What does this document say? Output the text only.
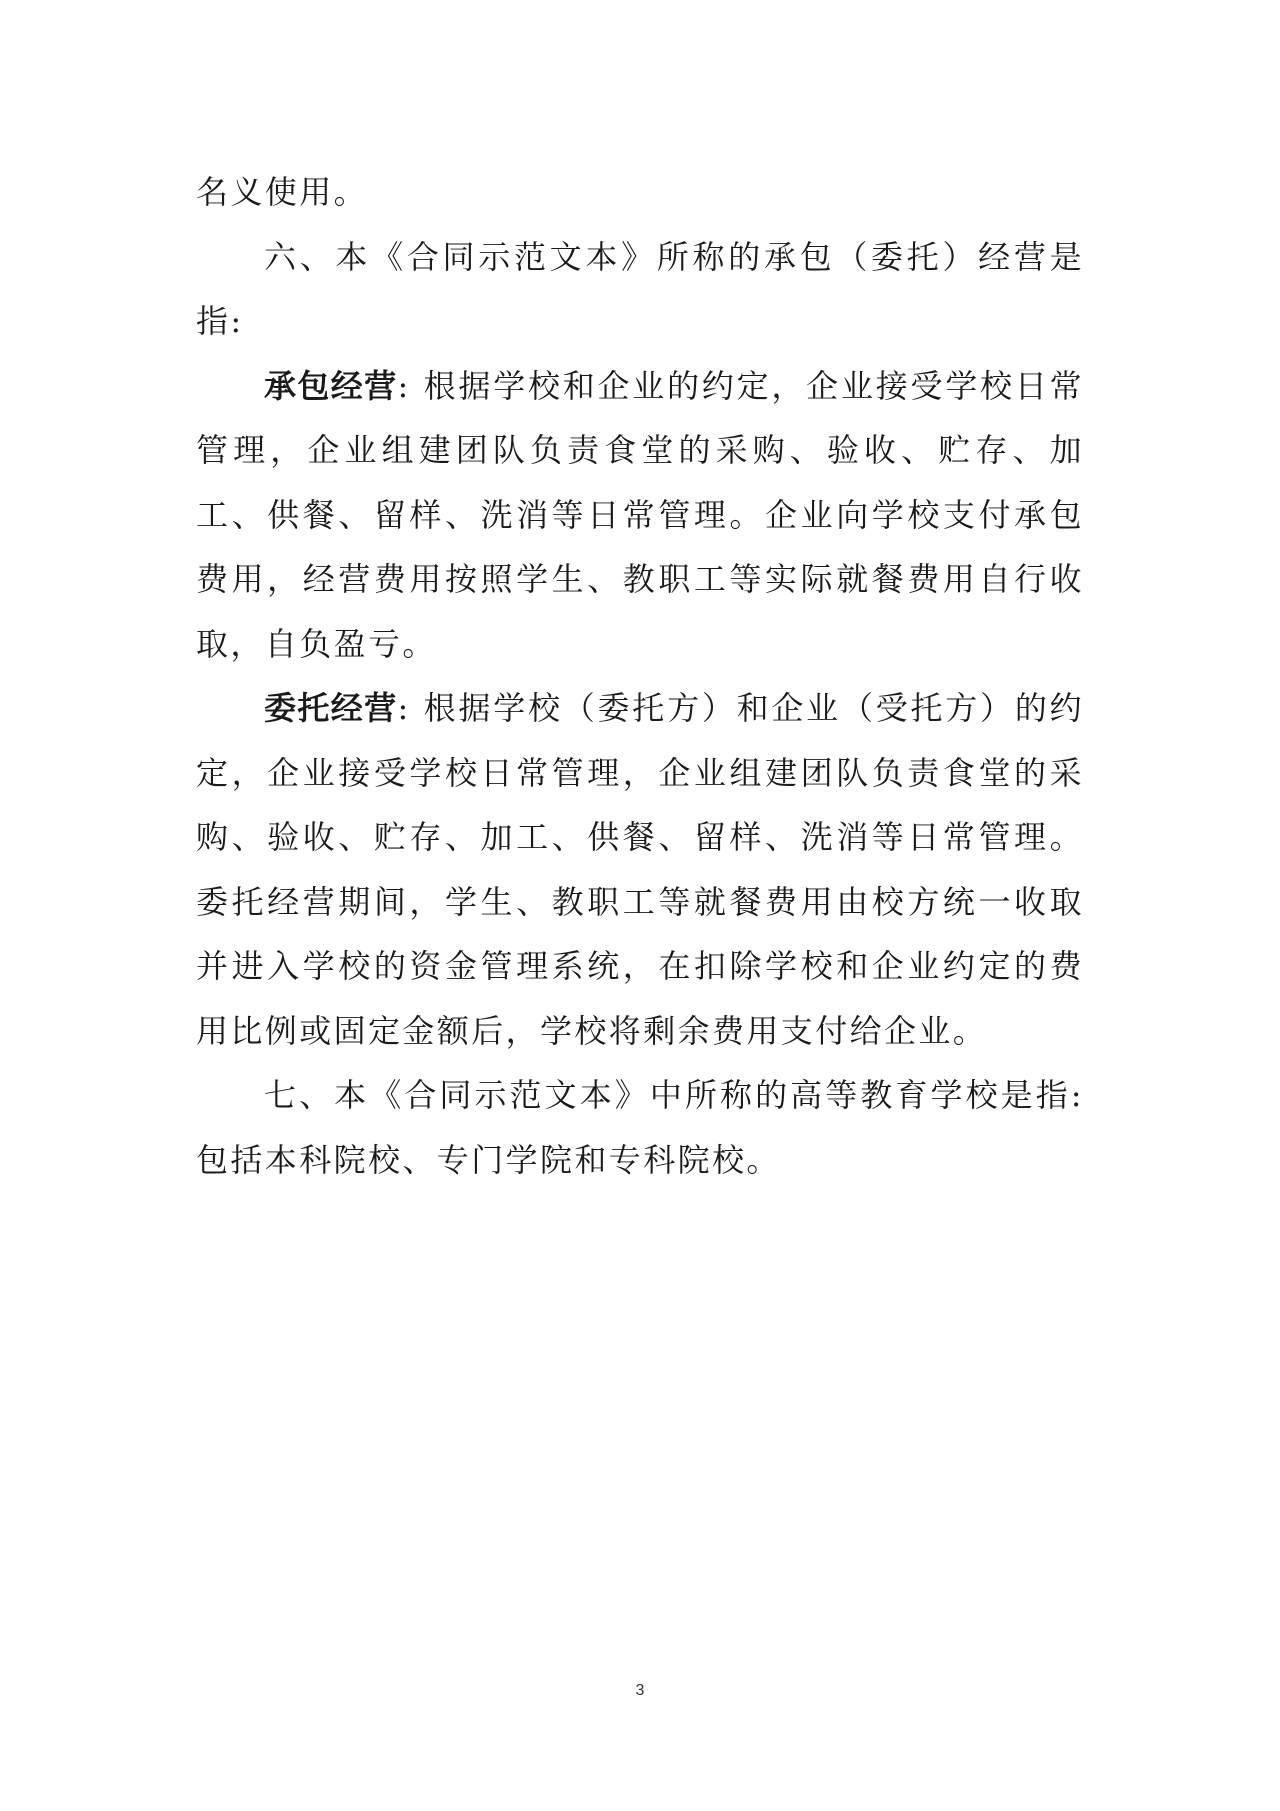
名义使用。

六、本《合同示范文本》所称的承包（委托）经营是指:

承包经营: 根据学校和企业的约定，企业接受学校日常管理，企业组建团队负责食堂的采购、验收、贮存、加工、供餐、留样、洗消等日常管理。企业向学校支付承包费用，经营费用按照学生、教职工等实际就餐费用自行收取，自负盈亏。

委托经营: 根据学校（委托方）和企业（受托方）的约定，企业接受学校日常管理，企业组建团队负责食堂的采购、验收、贮存、加工、供餐、留样、洗消等日常管理。委托经营期间，学生、教职工等就餐费用由校方统一收取并进入学校的资金管理系统，在扣除学校和企业约定的费用比例或固定金额后，学校将剩余费用支付给企业。

七、本《合同示范文本》中所称的高等教育学校是指: 包括本科院校、专门学院和专科院校。

3
